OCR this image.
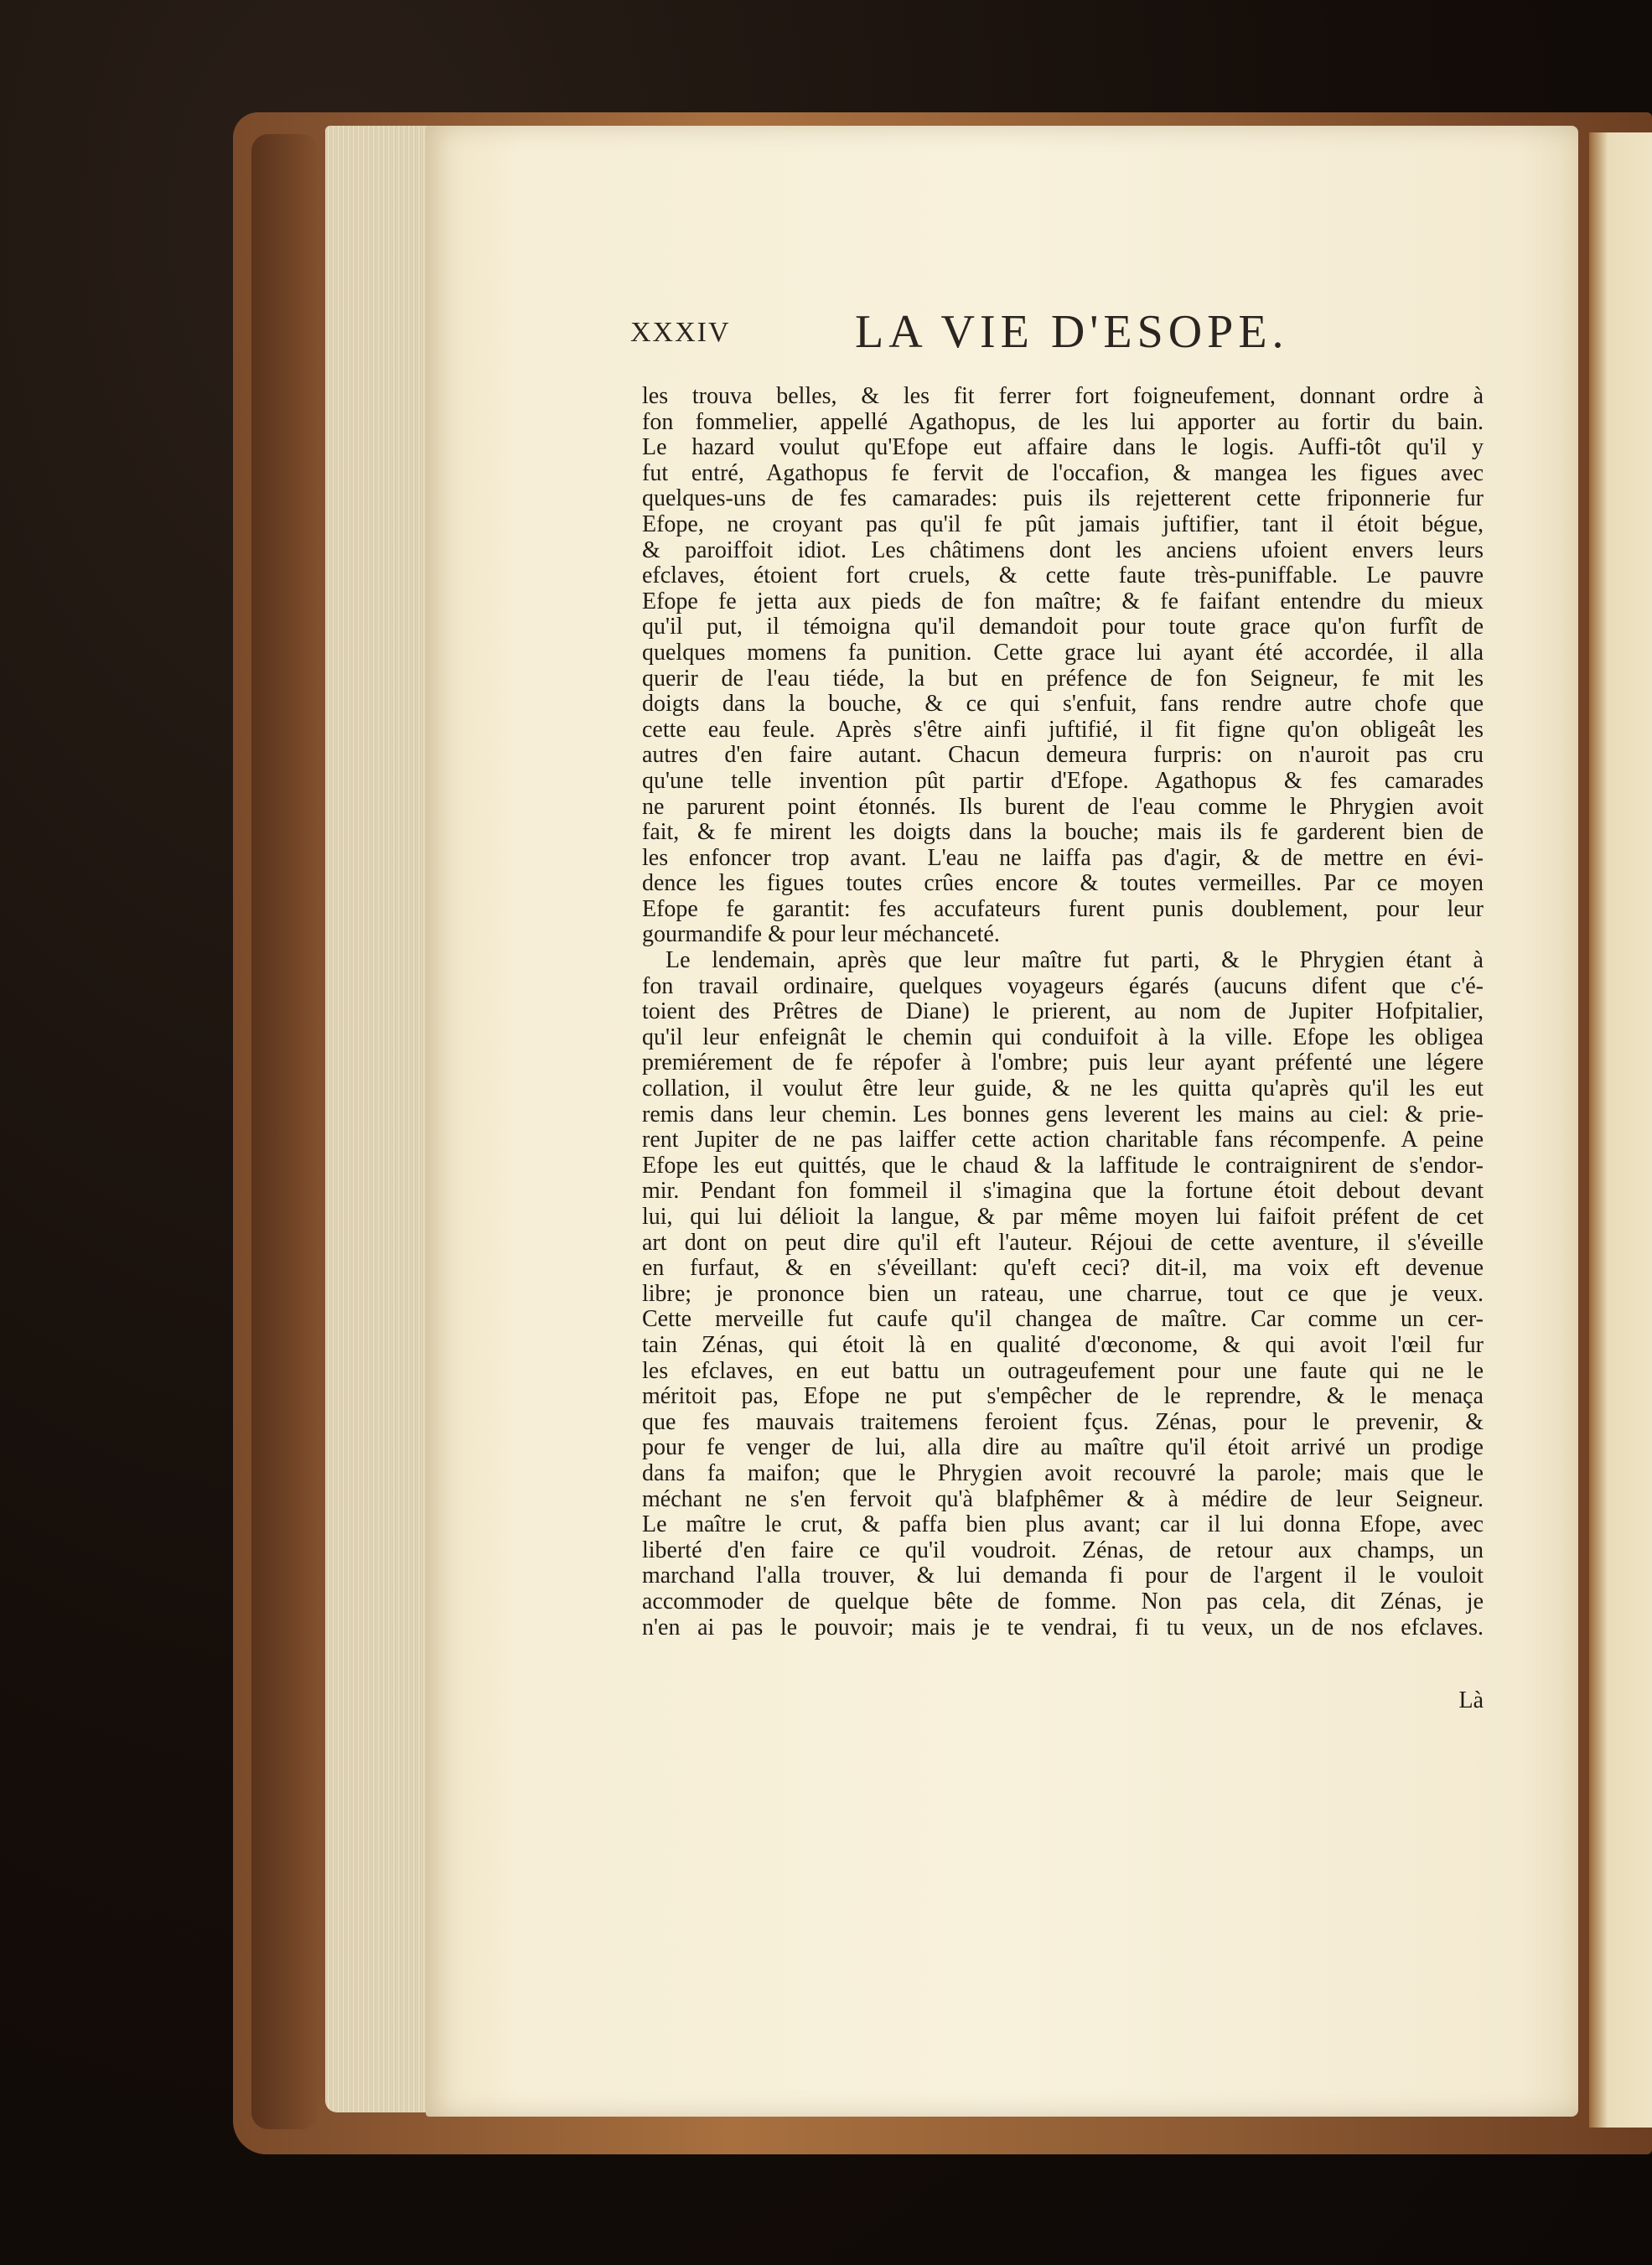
XXXIV	LA VIE D'ESOPE.
les trouva belles, & les fit ferrer fort foigneufement, donnant ordre à
fon fommelier, appellé Agathopus, de les lui apporter au fortir du bain.
Le hazard voulut qu'Efope eut affaire dans le logis. Auffi-tôt qu'il y
fut entré, Agathopus fe fervit de l'occafion, & mangea les figues avec
quelques-uns de fes camarades: puis ils rejetterent cette friponnerie fur
Efope, ne croyant pas qu'il fe pût jamais juftifier, tant il étoit bégue,
& paroiffoit idiot. Les châtimens dont les anciens ufoient envers leurs
efclaves, étoient fort cruels, & cette faute très-puniffable. Le pauvre
Efope fe jetta aux pieds de fon maître; & fe faifant entendre du mieux
qu'il put, il témoigna qu'il demandoit pour toute grace qu'on furfît de
quelques momens fa punition. Cette grace lui ayant été accordée, il alla
querir de l'eau tiéde, la but en préfence de fon Seigneur, fe mit les
doigts dans la bouche, & ce qui s'enfuit, fans rendre autre chofe que
cette eau feule. Après s'être ainfi juftifié, il fit figne qu'on obligeât les
autres d'en faire autant. Chacun demeura furpris: on n'auroit pas cru
qu'une telle invention pût partir d'Efope. Agathopus & fes camarades
ne parurent point étonnés. Ils burent de l'eau comme le Phrygien avoit
fait, & fe mirent les doigts dans la bouche; mais ils fe garderent bien de
les enfoncer trop avant. L'eau ne laiffa pas d'agir, & de mettre en évi-
dence les figues toutes crûes encore & toutes vermeilles. Par ce moyen
Efope fe garantit: fes accufateurs furent punis doublement, pour leur
gourmandife & pour leur méchanceté.
Le lendemain, après que leur maître fut parti, & le Phrygien étant à
fon travail ordinaire, quelques voyageurs égarés (aucuns difent que c'é-
toient des Prêtres de Diane) le prierent, au nom de Jupiter Hofpitalier,
qu'il leur enfeignât le chemin qui conduifoit à la ville. Efope les obligea
premiérement de fe répofer à l'ombre; puis leur ayant préfenté une légere
collation, il voulut être leur guide, & ne les quitta qu'après qu'il les eut
remis dans leur chemin. Les bonnes gens leverent les mains au ciel: & prie-
rent Jupiter de ne pas laiffer cette action charitable fans récompenfe. A peine
Efope les eut quittés, que le chaud & la laffitude le contraignirent de s'endor-
mir. Pendant fon fommeil il s'imagina que la fortune étoit debout devant
lui, qui lui délioit la langue, & par même moyen lui faifoit préfent de cet
art dont on peut dire qu'il eft l'auteur. Réjoui de cette aventure, il s'éveille
en furfaut, & en s'éveillant: qu'eft ceci? dit-il, ma voix eft devenue
libre; je prononce bien un rateau, une charrue, tout ce que je veux.
Cette merveille fut caufe qu'il changea de maître. Car comme un cer-
tain Zénas, qui étoit là en qualité d'œconome, & qui avoit l'œil fur
les efclaves, en eut battu un outrageufement pour une faute qui ne le
méritoit pas, Efope ne put s'empêcher de le reprendre, & le menaça
que fes mauvais traitemens feroient fçus. Zénas, pour le prevenir, &
pour fe venger de lui, alla dire au maître qu'il étoit arrivé un prodige
dans fa maifon; que le Phrygien avoit recouvré la parole; mais que le
méchant ne s'en fervoit qu'à blafphêmer & à médire de leur Seigneur.
Le maître le crut, & paffa bien plus avant; car il lui donna Efope, avec
liberté d'en faire ce qu'il voudroit. Zénas, de retour aux champs, un
marchand l'alla trouver, & lui demanda fi pour de l'argent il le vouloit
accommoder de quelque bête de fomme. Non pas cela, dit Zénas, je
n'en ai pas le pouvoir; mais je te vendrai, fi tu veux, un de nos efclaves.
Là
